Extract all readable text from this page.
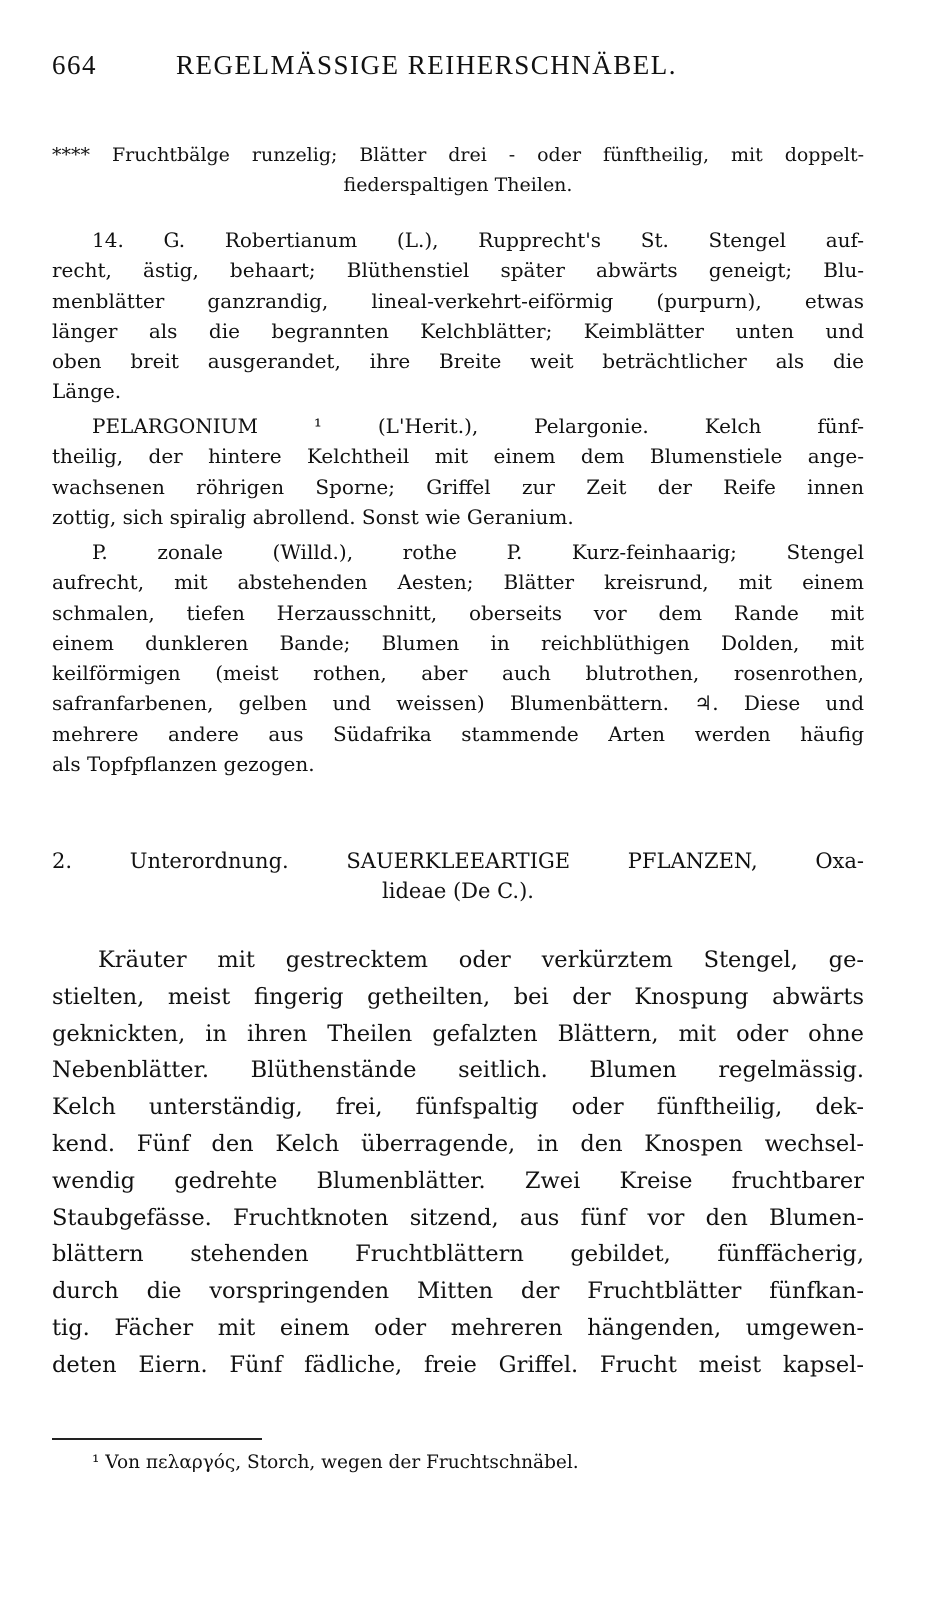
664	REGELMÄSSIGE REIHERSCHNÄBEL.
**** Fruchtbälge runzelig; Blätter drei - oder fünftheilig, mit doppelt-
fiederspaltigen Theilen.
14. G. Robertianum (L.), Rupprecht's St. Stengel auf-
recht, ästig, behaart; Blüthenstiel später abwärts geneigt; Blu-
menblätter ganzrandig, lineal-verkehrt-eiförmig (purpurn), etwas
länger als die begrannten Kelchblätter; Keimblätter unten und
oben breit ausgerandet, ihre Breite weit beträchtlicher als die
Länge.
PELARGONIUM ¹ (L'Herit.), Pelargonie. Kelch fünf-
theilig, der hintere Kelchtheil mit einem dem Blumenstiele ange-
wachsenen röhrigen Sporne; Griffel zur Zeit der Reife innen
zottig, sich spiralig abrollend. Sonst wie Geranium.
P. zonale (Willd.), rothe P. Kurz-feinhaarig; Stengel
aufrecht, mit abstehenden Aesten; Blätter kreisrund, mit einem
schmalen, tiefen Herzausschnitt, oberseits vor dem Rande mit
einem dunkleren Bande; Blumen in reichblüthigen Dolden, mit
keilförmigen (meist rothen, aber auch blutrothen, rosenrothen,
safranfarbenen, gelben und weissen) Blumenbättern. ♃. Diese und
mehrere andere aus Südafrika stammende Arten werden häufig
als Topfpflanzen gezogen.
2. Unterordnung. SAUERKLEEARTIGE PFLANZEN, Oxa-
lideae (De C.).
Kräuter mit gestrecktem oder verkürztem Stengel, ge-
stielten, meist fingerig getheilten, bei der Knospung abwärts
geknickten, in ihren Theilen gefalzten Blättern, mit oder ohne
Nebenblätter. Blüthenstände seitlich. Blumen regelmässig.
Kelch unterständig, frei, fünfspaltig oder fünftheilig, dek-
kend. Fünf den Kelch überragende, in den Knospen wechsel-
wendig gedrehte Blumenblätter. Zwei Kreise fruchtbarer
Staubgefässe. Fruchtknoten sitzend, aus fünf vor den Blumen-
blättern stehenden Fruchtblättern gebildet, fünffächerig,
durch die vorspringenden Mitten der Fruchtblätter fünfkan-
tig. Fächer mit einem oder mehreren hängenden, umgewen-
deten Eiern. Fünf fädliche, freie Griffel. Frucht meist kapsel-
¹ Von πελαργός, Storch, wegen der Fruchtschnäbel.
